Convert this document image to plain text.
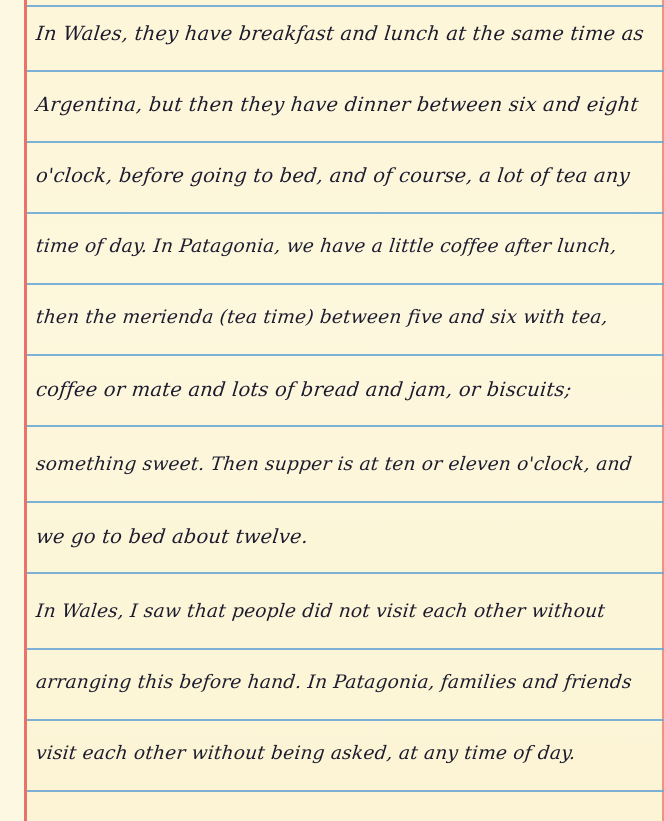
In Wales, they have breakfast and lunch at the same time as
Argentina, but then they have dinner between six and eight
o'clock, before going to bed, and of course, a lot of tea any
time of day. In Patagonia, we have a little coffee after lunch,
then the merienda (tea time) between five and six with tea,
coffee or mate and lots of bread and jam, or biscuits;
something sweet. Then supper is at ten or eleven o'clock, and
we go to bed about twelve.
In Wales, I saw that people did not visit each other without
arranging this before hand. In Patagonia, families and friends
visit each other without being asked, at any time of day.
